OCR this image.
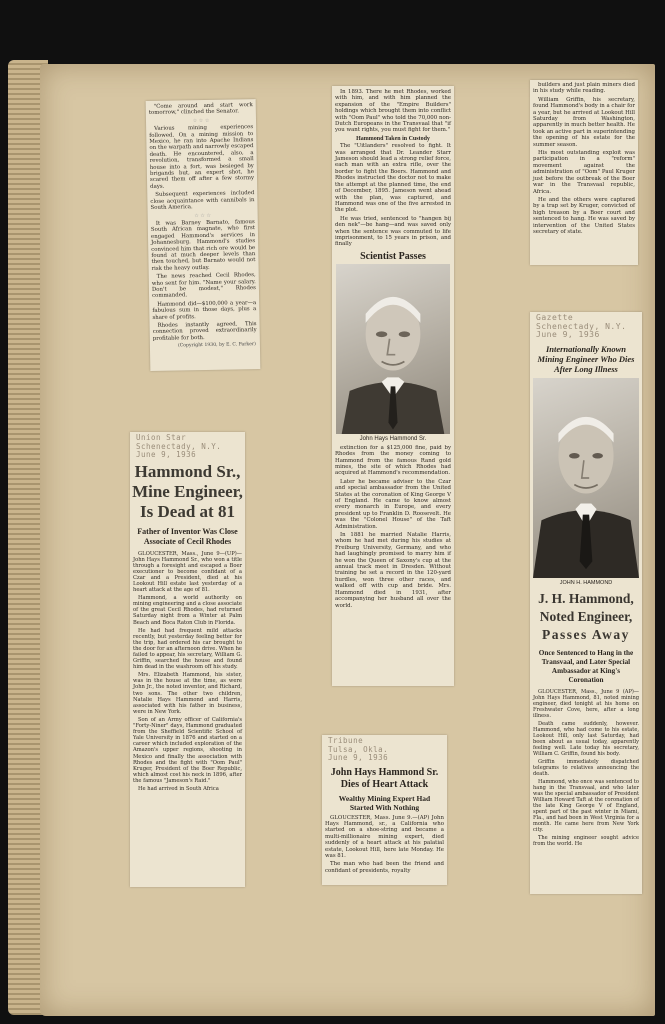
"Come around and start work tomorrow," clinched the Senator.

☆ ☆ ☆

Various mining experiences followed. On a mining mission to Mexico, he ran into Apache Indians on the warpath and narrowly escaped death. He encountered, also, a revolution, transformed a small house into a fort, was besieged by brigands but, an expert shot, he scared them off after a few stormy days.

Subsequent experiences included close acquaintance with cannibals in South America.

☆ ☆ ☆

It was Barney Barnato, famous South African magnate, who first engaged Hammond's services in Johannesburg. Hammond's studies convinced him that rich ore would be found at much deeper levels than then touched, but Barnato would not risk the heavy outlay.

The news reached Cecil Rhodes, who sent for him. "Name your salary. Don't be modest," Rhodes commanded.

Hammond did—$100,000 a year—a fabulous sum in those days, plus a share of profits.

Rhodes instantly agreed. This connection proved extraordinarily profitable for both.

(Copyright 1930, by E. C. Parker)
Union Star
Schenectady, N.Y.
June 9, 1936
Hammond Sr.,
Mine Engineer,
Is Dead at 81
Father of Inventor Was Close Associate of Cecil Rhodes

GLOUCESTER, Mass., June 9—(UP)—John Hays Hammond Sr., who won a title through a foresight and escaped a Boer executioner to become confidant of a Czar and a President, died at his Lookout Hill estate last yesterday of a heart attack at the age of 81.

Hammond, a world authority on mining engineering and a close associate of the great Cecil Rhodes, had returned Saturday night from a Winter at Palm Beach and Boca Raton Club in Florida.

He had had frequent mild attacks recently, but yesterday feeling better for the trip, had ordered his car brought to the door for an afternoon drive. When he failed to appear, his secretary, William G. Griffin, searched the house and found him dead in the washroom off his study.

Mrs. Elizabeth Hammond, his sister, was in the house at the time, as were John Jr., the noted inventor, and Richard, two sons. The other two children, Natalie Hays Hammond and Harris, associated with his father in business, were in New York.

Son of an Army officer of California's "Forty-Niner" days, Hammond graduated from the Sheffield Scientific School of Yale University in 1876 and started on a career which included exploration of the Amazon's upper regions, shooting in Mexico and finally the association with Rhodes and the fight with "Oom Paul" Kruger, President of the Boer Republic, which almost cost his neck in 1896, after the famous "Jameson's Raid."

He had arrived in South Africa

In 1893. There he met Rhodes, worked with him, and with him planned the expansion of the "Empire Builders" holdings which brought them into conflict with "Oom Paul" who told the 70,000 non-Dutch Europeans in the Transvaal that "if you want rights, you must fight for them."

Hammond Taken in Custody

The "Uitlanders" resolved to fight. It was arranged that Dr. Leander Starr Jameson should lead a strong relief force, each man with an extra rifle, over the border to fight the Boers. Hammond and Rhodes instructed the doctor not to make the attempt at the planned time, the end of December, 1895. Jameson went ahead with the plan, was captured, and Hammond was one of the five arrested in the plot.

He was tried, sentenced to "hangen bij den nek"—be hang—and was saved only when the sentence was commuted to life imprisonment, to 15 years in prison, and finally

Scientist Passes
John Hays Hammond Sr.

extinction for a $125,000 fine, paid by Rhodes from the money coming to Hammond from the famous Rand gold mines, the site of which Rhodes had acquired at Hammond's recommendation.

Later he became adviser to the Czar and special ambassador from the United States at the coronation of King George V of England. He came to know almost every monarch in Europe, and every president up to Franklin D. Roosevelt. He was the "Colonel House" of the Taft Administration.

In 1881 he married Natalie Harris, whom he had met during his studies at Freiburg University, Germany, and who had laughingly promised to marry him if he won the Queen of Saxony's cup at the annual track meet in Dresden. Without training he set a record in the 120-yard hurdles, won three other races, and walked off with cup and bride. Mrs. Hammond died in 1931, after accompanying her husband all over the world.

Tribune
Tulsa, Okla.
June 9, 1936
John Hays Hammond Sr. Dies of Heart Attack
Wealthy Mining Expert Had Started With Nothing

GLOUCESTER, Mass. June 9.—(AP) John Hays Hammond, sr., a California who started on a shoe-string and became a multi-millionaire mining expert, died suddenly of a heart attack at his palatial estate, Lookout Hill, here late Monday. He was 81.

The man who had been the friend and confidant of presidents, royalty

builders and just plain miners died in his study while reading.

William Griffin, his secretary, found Hammond's body in a chair for a year, but he arrived at Lookout Hill Saturday from Washington, apparently in much better health. He took an active part in superintending the opening of his estate for the summer season.

His most outstanding exploit was participation in a "reform" movement against the administration of "Oom" Paul Kruger just before the outbreak of the Boer war in the Transvaal republic, Africa.

He and the others were captured by a trap set by Kruger, convicted of high treason by a Boer court and sentenced to hang. He was saved by intervention of the United States secretary of state.

Gazette
Schenectady, N.Y.
June 9, 1936
Internationally Known Mining Engineer Who Dies After Long Illness
JOHN H. HAMMOND
J. H. Hammond,
Noted Engineer,
Passes Away
Once Sentenced to Hang in the Transvaal, and Later Special Ambassador at King's Coronation

GLOUCESTER, Mass., June 9 (AP)—John Hays Hammond, 81, noted mining engineer, died tonight at his home on Freshwater Cove, here, after a long illness.

Death came suddenly, however. Hammond, who had come to his estate, Lookout Hill, only last Saturday, had been about as usual today, apparently feeling well. Late today his secretary, William C. Griffin, found his body.

Griffin immediately dispatched telegrams to relatives announcing the death.

Hammond, who once was sentenced to hang in the Transvaal, and who later was the special ambassador of President William Howard Taft at the coronation of the late King George V of England, spent part of the past winter in Miami, Fla., and had been in West Virginia for a month. He came here from New York city.

The mining engineer sought advice from the world. He
